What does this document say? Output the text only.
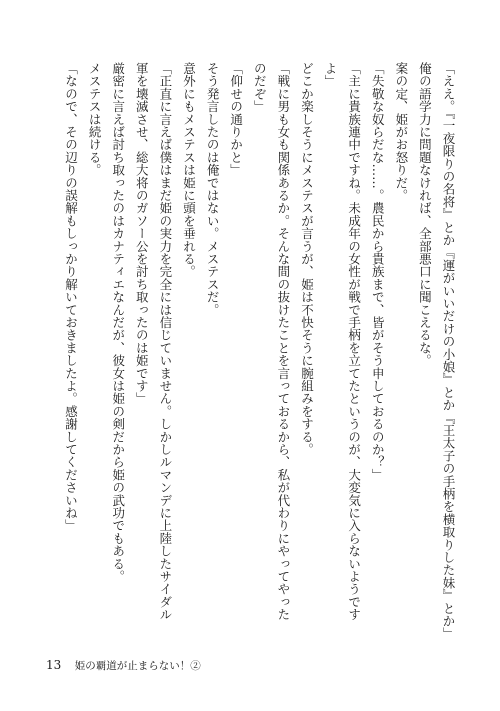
「ええ。『一夜限りの名将』とか『運がいいだけの小娘』とか『王太子の手柄を横取りした妹』とか」
俺の語学力に問題なければ、全部悪口に聞こえるな。
案の定、姫がお怒りだ。
「失敬な奴らだな……。農民から貴族まで、皆がそう申しておるのか？」
「主に貴族連中ですね。未成年の女性が戦で手柄を立てたというのが、大変気に入らないようです
よ」
どこか楽しそうにメステスが言うが、姫は不快そうに腕組みをする。
「戦に男も女も関係あるか。そんな間の抜けたことを言っておるから、私が代わりにやってやった
のだぞ」
「仰せの通りかと」
そう発言したのは俺ではない。メステスだ。
意外にもメステスは姫に頭を垂れる。
「正直に言えば僕はまだ姫の実力を完全には信じていません。しかしルマンデに上陸したサイダル
軍を壊滅させ、総大将のガソー公を討ち取ったのは姫です」
厳密に言えば討ち取ったのはカナティエなんだが、彼女は姫の剣だから姫の武功でもある。
メステスは続ける。
「なので、その辺りの誤解もしっかり解いておきましたよ。感謝してくださいね」
13 姫の覇道が止まらない！②
